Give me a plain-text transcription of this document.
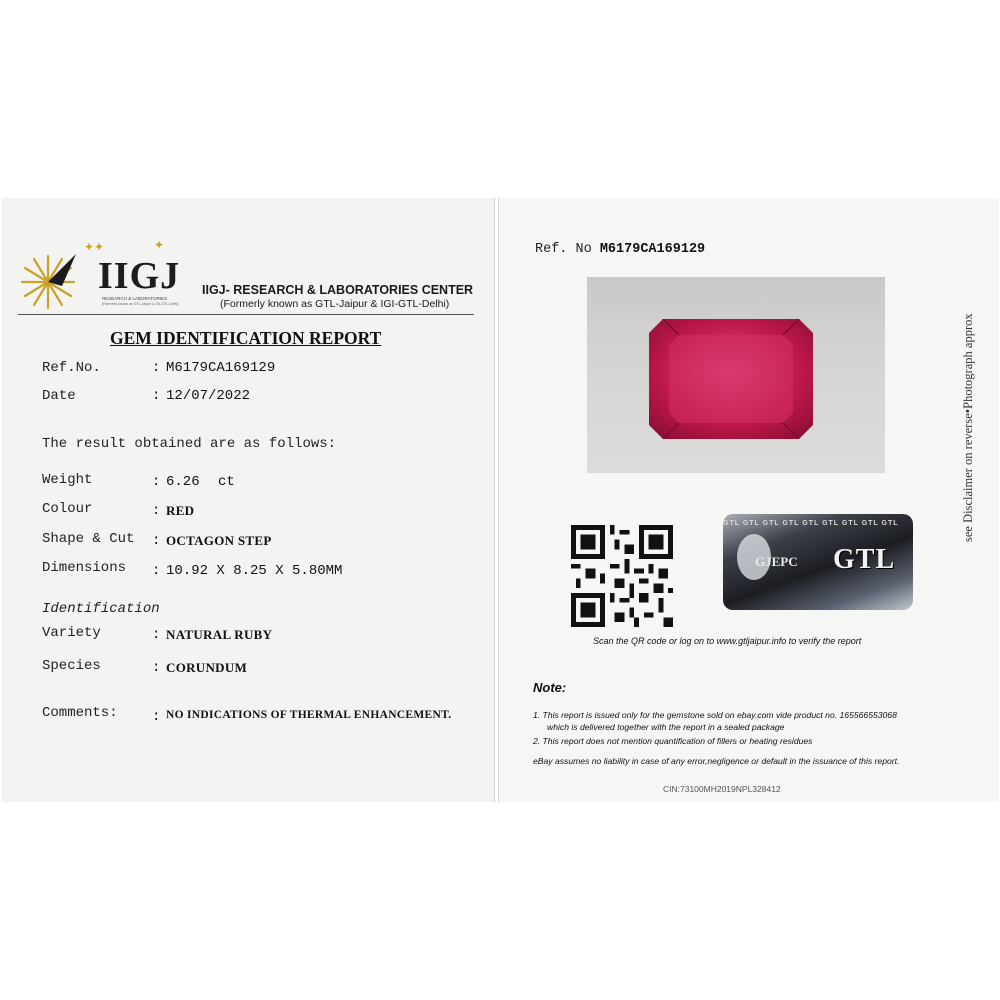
✦✦	✦
IIGJ
RESEARCH & LABORATORIES
(Formerly known as GTL-Jaipur & IGI-GTL-Delhi)
IIGJ- RESEARCH & LABORATORIES CENTER
(Formerly known as GTL-Jaipur & IGI-GTL-Delhi)
GEM IDENTIFICATION REPORT
Ref.No.	: M6179CA169129
Date	: 12/07/2022
The result obtained are as follows:
Weight	: 6.26 ct
Colour	: RED
Shape & Cut : OCTAGON STEP
Dimensions : 10.92 X 8.25 X 5.80MM
Identification
Variety	: NATURAL RUBY
Species	: CORUNDUM
Comments: : NO INDICATIONS OF THERMAL ENHANCEMENT.
Ref. No M6179CA169129
see Disclaimer on reverse•Photograph approx
GTL GTL GTL GTL GTL GTL GTL GTL GTL
GJEPC GTL
Scan the QR code or log on to www.gtljaipur.info to verify the report
Note:
1. This report is issued only for the gemstone sold on ebay.com vide product no. 165566553068
which is delivered together with the report in a sealed package
2. This report does not mention quantification of fillers or heating residues
eBay assumes no liability in case of any error,negligence or default in the issuance of this report.
CIN:73100MH2019NPL328412
